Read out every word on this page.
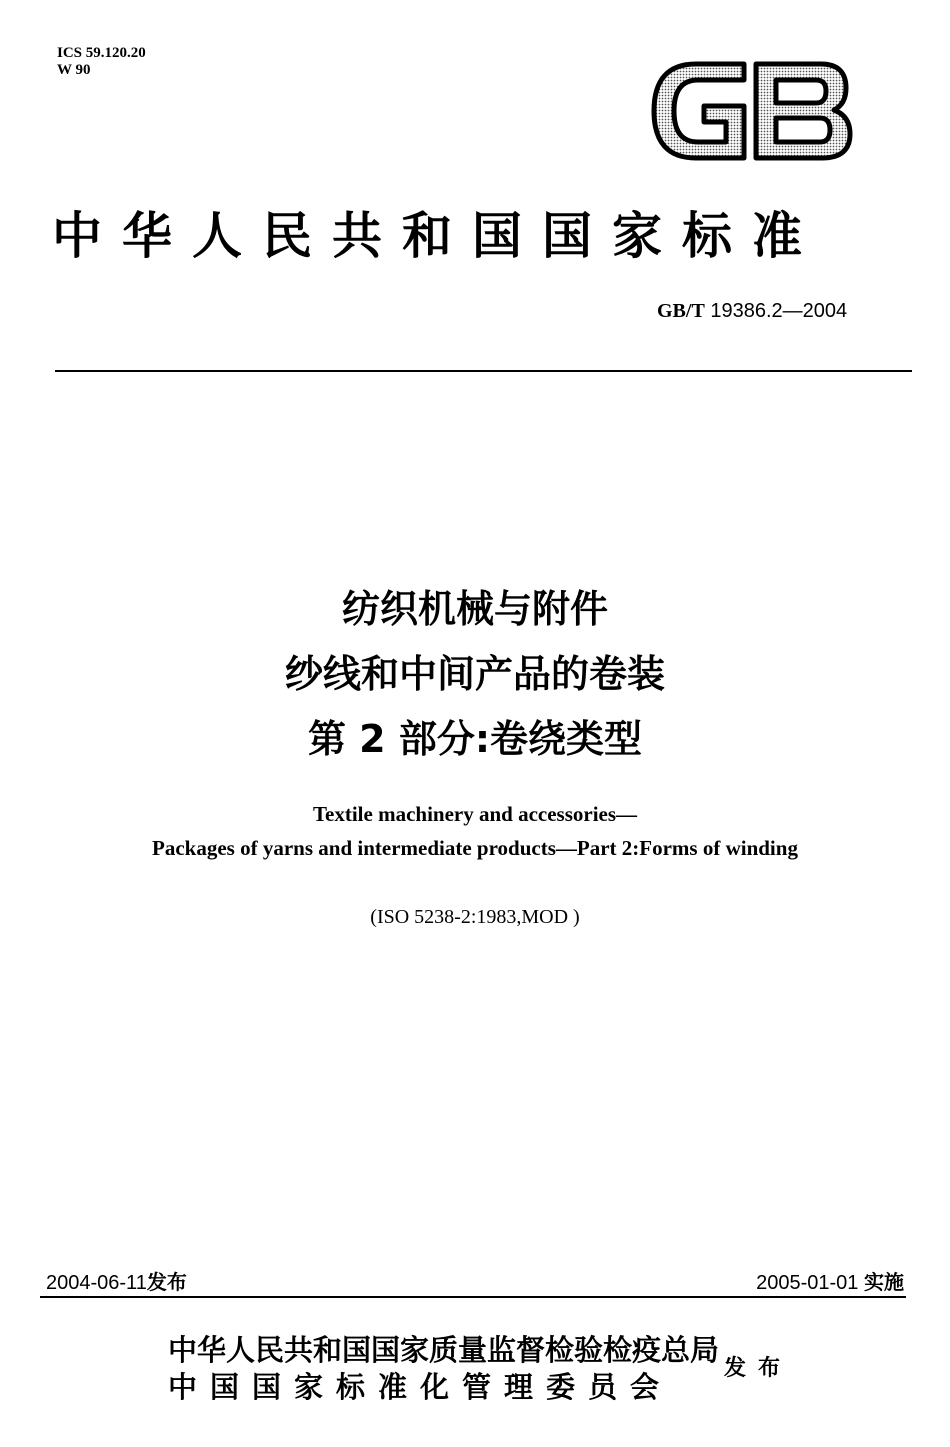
ICS 59.120.20
W 90
中华人民共和国国家标准
GB/T 19386.2—2004
纺织机械与附件
纱线和中间产品的卷装
第 2 部分:卷绕类型
Textile machinery and accessories—
Packages of yarns and intermediate products—Part 2:Forms of winding
(ISO 5238-2:1983,MOD )
2004-06-11发布	2005-01-01 实施
中华人民共和国国家质量监督检验检疫总局
中国国家标准化管理委员会
发布
